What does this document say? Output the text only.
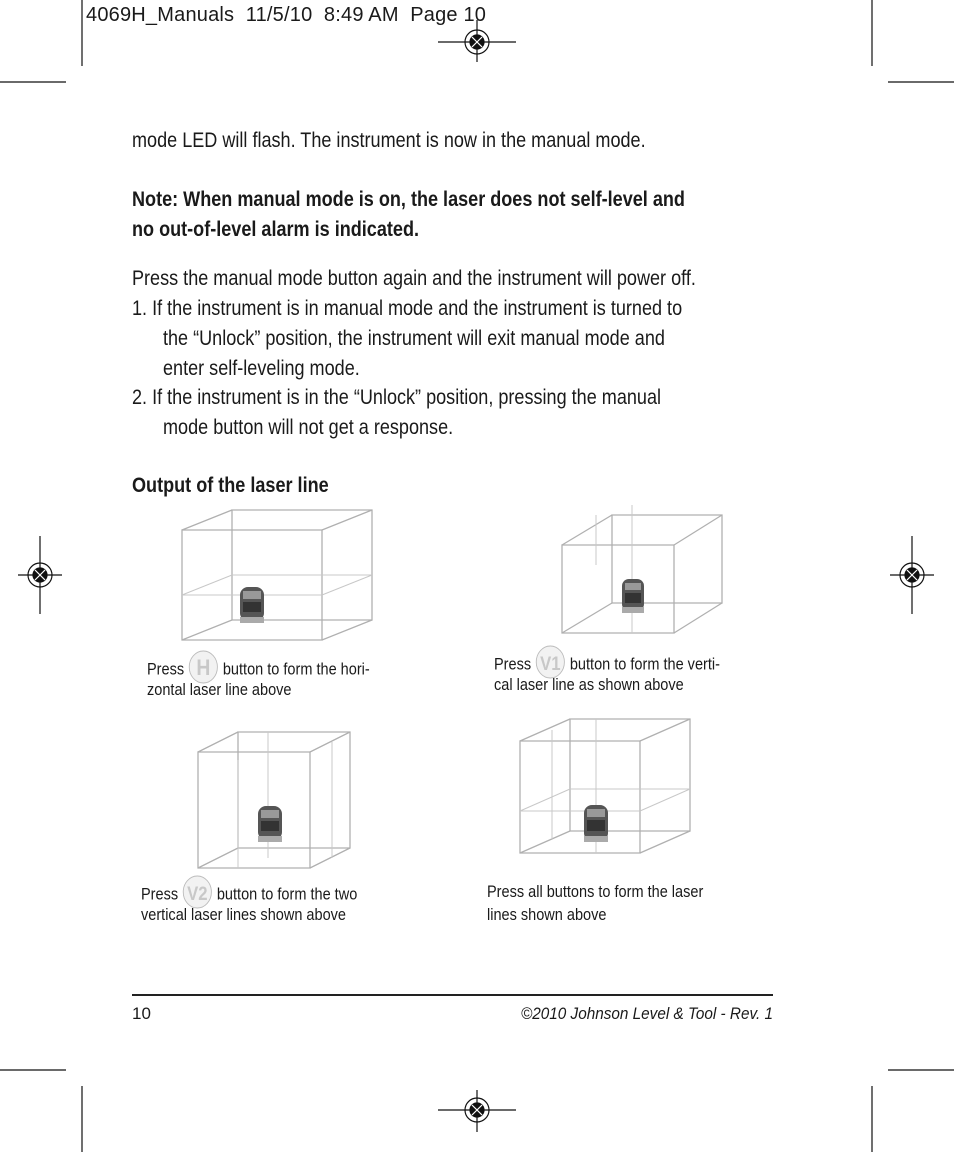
4069H_Manuals  11/5/10  8:49 AM  Page 10
mode LED will flash. The instrument is now in the manual mode.
Note: When manual mode is on, the laser does not self-level and
no out-of-level alarm is indicated.
Press the manual mode button again and the instrument will power off.
1. If the instrument is in manual mode and the instrument is turned to
the “Unlock” position, the instrument will exit manual mode and
enter self-leveling mode.
2. If the instrument is in the “Unlock” position, pressing the manual
mode button will not get a response.
Output of the laser line
Press H button to form the hori-
zontal laser line above
Press V1 button to form the verti-
cal laser line as shown above
Press V2 button to form the two
vertical laser lines shown above
Press all buttons to form the laser
lines shown above
10	©2010 Johnson Level & Tool - Rev. 1
